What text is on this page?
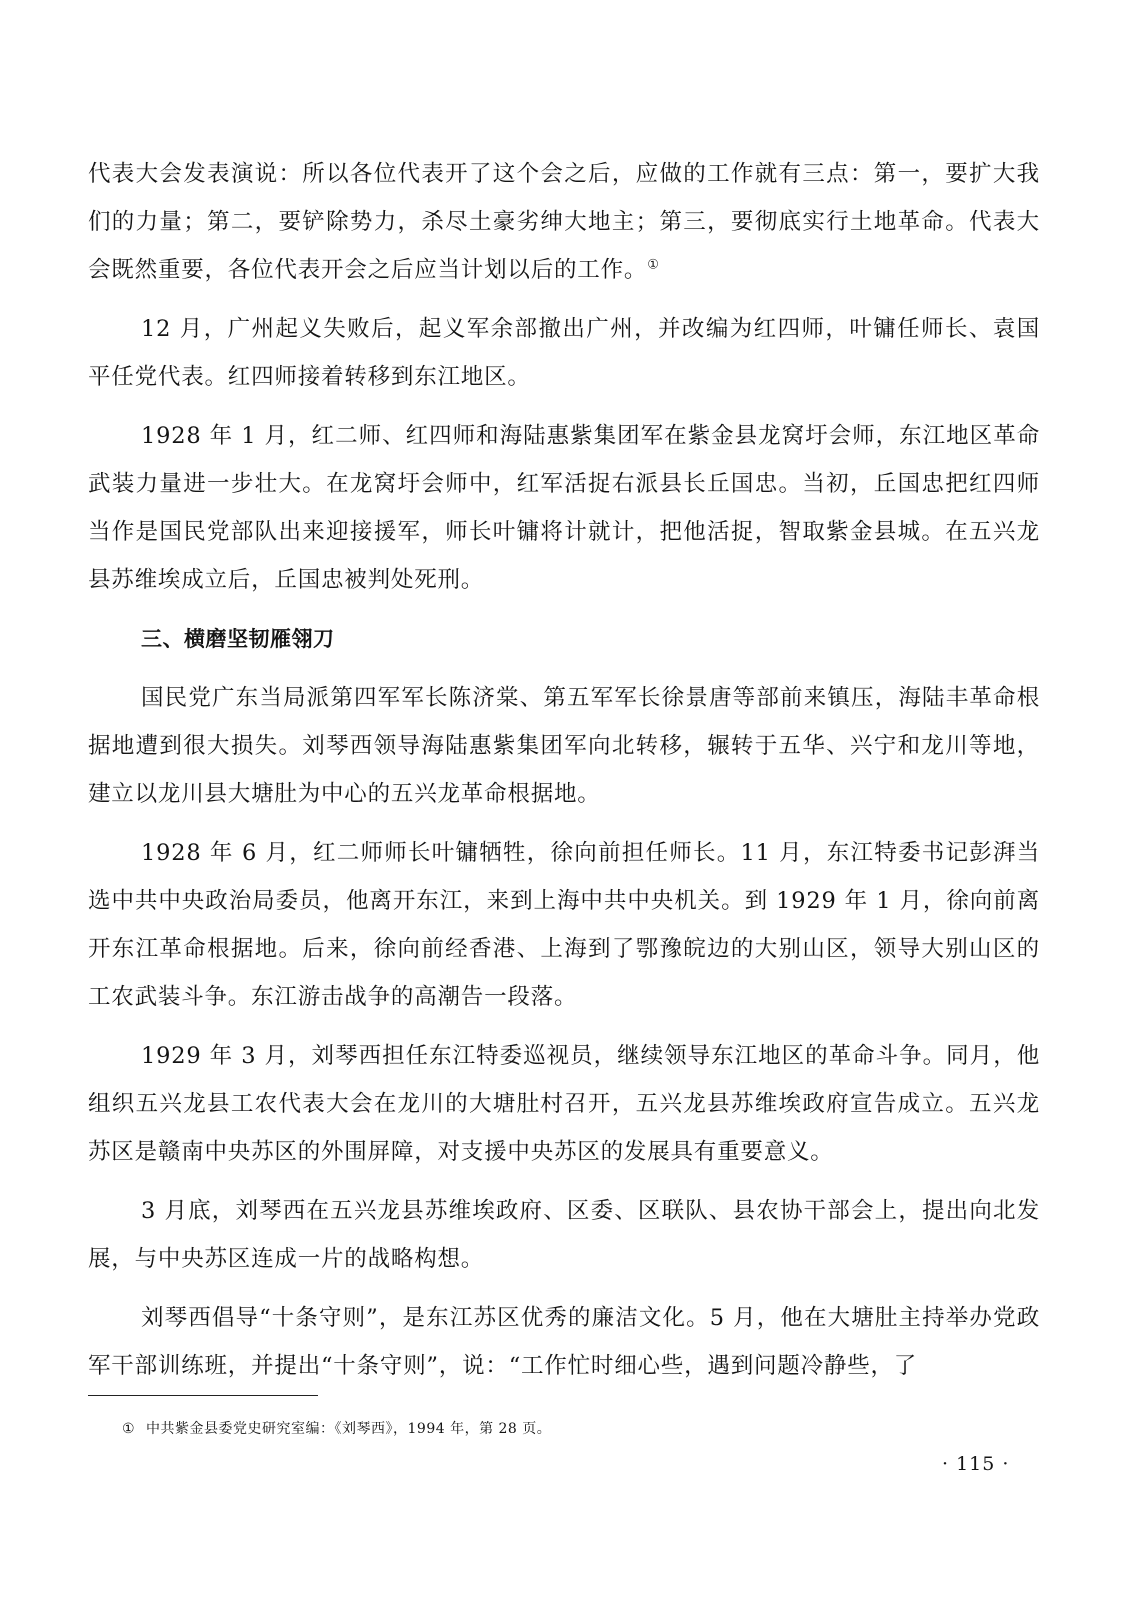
代表大会发表演说：所以各位代表开了这个会之后，应做的工作就有三点：第一，要扩大我们的力量；第二，要铲除势力，杀尽土豪劣绅大地主；第三，要彻底实行土地革命。代表大会既然重要，各位代表开会之后应当计划以后的工作。①

12 月，广州起义失败后，起义军余部撤出广州，并改编为红四师，叶镛任师长、袁国平任党代表。红四师接着转移到东江地区。

1928 年 1 月，红二师、红四师和海陆惠紫集团军在紫金县龙窝圩会师，东江地区革命武装力量进一步壮大。在龙窝圩会师中，红军活捉右派县长丘国忠。当初，丘国忠把红四师当作是国民党部队出来迎接援军，师长叶镛将计就计，把他活捉，智取紫金县城。在五兴龙县苏维埃成立后，丘国忠被判处死刑。

三、横磨坚韧雁翎刀

国民党广东当局派第四军军长陈济棠、第五军军长徐景唐等部前来镇压，海陆丰革命根据地遭到很大损失。刘琴西领导海陆惠紫集团军向北转移，辗转于五华、兴宁和龙川等地，建立以龙川县大塘肚为中心的五兴龙革命根据地。

1928 年 6 月，红二师师长叶镛牺牲，徐向前担任师长。11 月，东江特委书记彭湃当选中共中央政治局委员，他离开东江，来到上海中共中央机关。到 1929 年 1 月，徐向前离开东江革命根据地。后来，徐向前经香港、上海到了鄂豫皖边的大别山区，领导大别山区的工农武装斗争。东江游击战争的高潮告一段落。

1929 年 3 月，刘琴西担任东江特委巡视员，继续领导东江地区的革命斗争。同月，他组织五兴龙县工农代表大会在龙川的大塘肚村召开，五兴龙县苏维埃政府宣告成立。五兴龙苏区是赣南中央苏区的外围屏障，对支援中央苏区的发展具有重要意义。

3 月底，刘琴西在五兴龙县苏维埃政府、区委、区联队、县农协干部会上，提出向北发展，与中央苏区连成一片的战略构想。

刘琴西倡导“十条守则”，是东江苏区优秀的廉洁文化。5 月，他在大塘肚主持举办党政军干部训练班，并提出“十条守则”，说：“工作忙时细心些，遇到问题冷静些，了

① 中共紫金县委党史研究室编：《刘琴西》，1994 年，第 28 页。
· 115 ·
